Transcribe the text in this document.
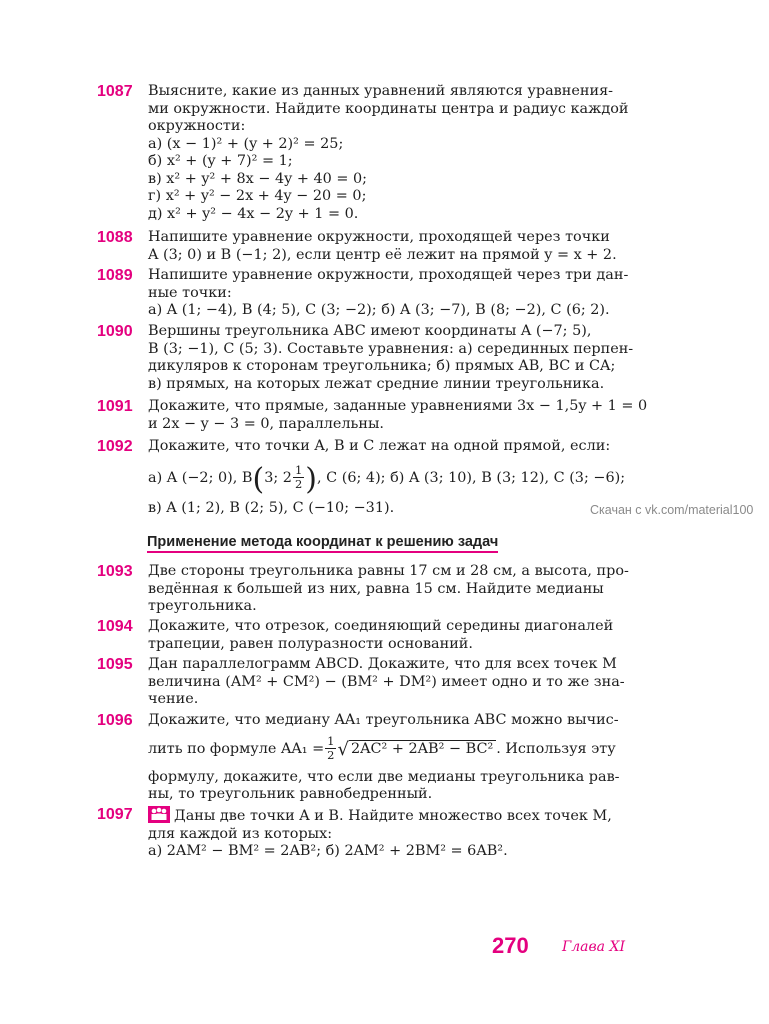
1087 Выясните, какие из данных уравнений являются уравнения-
ми окружности. Найдите координаты центра и радиус каждой
окружности:
а) (x − 1)² + (y + 2)² = 25;
б) x² + (y + 7)² = 1;
в) x² + y² + 8x − 4y + 40 = 0;
г) x² + y² − 2x + 4y − 20 = 0;
д) x² + y² − 4x − 2y + 1 = 0.
1088 Напишите уравнение окружности, проходящей через точки
A (3; 0) и B (−1; 2), если центр её лежит на прямой y = x + 2.
1089 Напишите уравнение окружности, проходящей через три дан-
ные точки:
а) A (1; −4), B (4; 5), C (3; −2); б) A (3; −7), B (8; −2), C (6; 2).
1090 Вершины треугольника ABC имеют координаты A (−7; 5),
B (3; −1), C (5; 3). Составьте уравнения: а) серединных перпен-
дикуляров к сторонам треугольника; б) прямых AB, BC и CA;
в) прямых, на которых лежат средние линии треугольника.
1091 Докажите, что прямые, заданные уравнениями 3x − 1,5y + 1 = 0
и 2x − y − 3 = 0, параллельны.
1092 Докажите, что точки A, B и C лежат на одной прямой, если:
а) A (−2; 0), B(3; $2 \frac{1}{2}$ ), C (6; 4); б) A (3; 10), B (3; 12), C (3; −6);
в) A (1; 2), B (2; 5), C (−10; −31).	Скачан с vk.com/material100
Применение метода координат к решению задач
1093 Две стороны треугольника равны 17 см и 28 см, а высота, про-
ведённая к большей из них, равна 15 см. Найдите медианы
треугольника.
1094 Докажите, что отрезок, соединяющий середины диагоналей
трапеции, равен полуразности оснований.
1095 Дан параллелограмм ABCD. Докажите, что для всех точек M
величина (AM² + CM²) − (BM² + DM²) имеет одно и то же зна-
чение.
1096 Докажите, что медиану AA₁ треугольника ABC можно вычис-
лить по формуле $AA_1 = \frac{1}{2}$ √ 2AC² + 2AB² − BC² . Используя эту
формулу, докажите, что если две медианы треугольника рав-
ны, то треугольник равнобедренный.
1097	Даны две точки A и B. Найдите множество всех точек M,
для каждой из которых:
а) 2AM² − BM² = 2AB²; б) 2AM² + 2BM² = 6AB².
270 Глава XI
